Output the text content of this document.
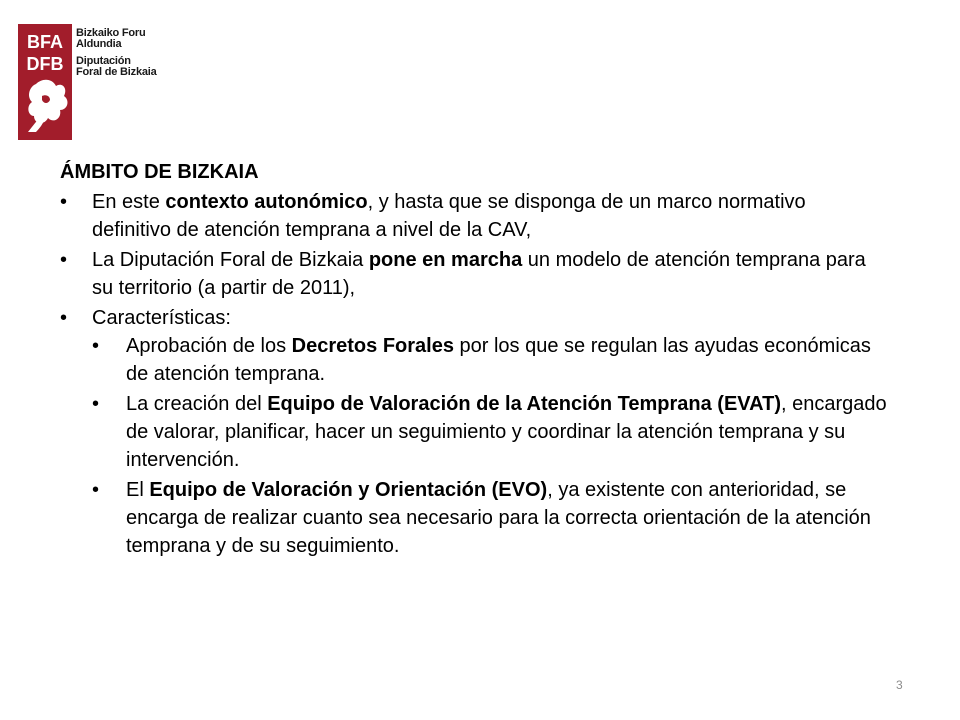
BFA
DFB
Bizkaiko Foru
Aldundia
Diputación
Foral de Bizkaia
ÁMBITO DE BIZKAIA
• En este contexto autonómico, y hasta que se disponga de un marco normativo definitivo de atención temprana a nivel de la CAV,
• La Diputación Foral de Bizkaia pone en marcha un modelo de atención temprana para su territorio (a partir de 2011),
• Características:
• Aprobación de los Decretos Forales por los que se regulan las ayudas económicas de atención temprana.
• La creación del Equipo de Valoración de la Atención Temprana (EVAT), encargado de valorar, planificar, hacer un seguimiento y coordinar la atención temprana y su intervención.
• El Equipo de Valoración y Orientación (EVO), ya existente con anterioridad, se encarga de realizar cuanto sea necesario para la correcta orientación de la atención temprana y de su seguimiento.
3
